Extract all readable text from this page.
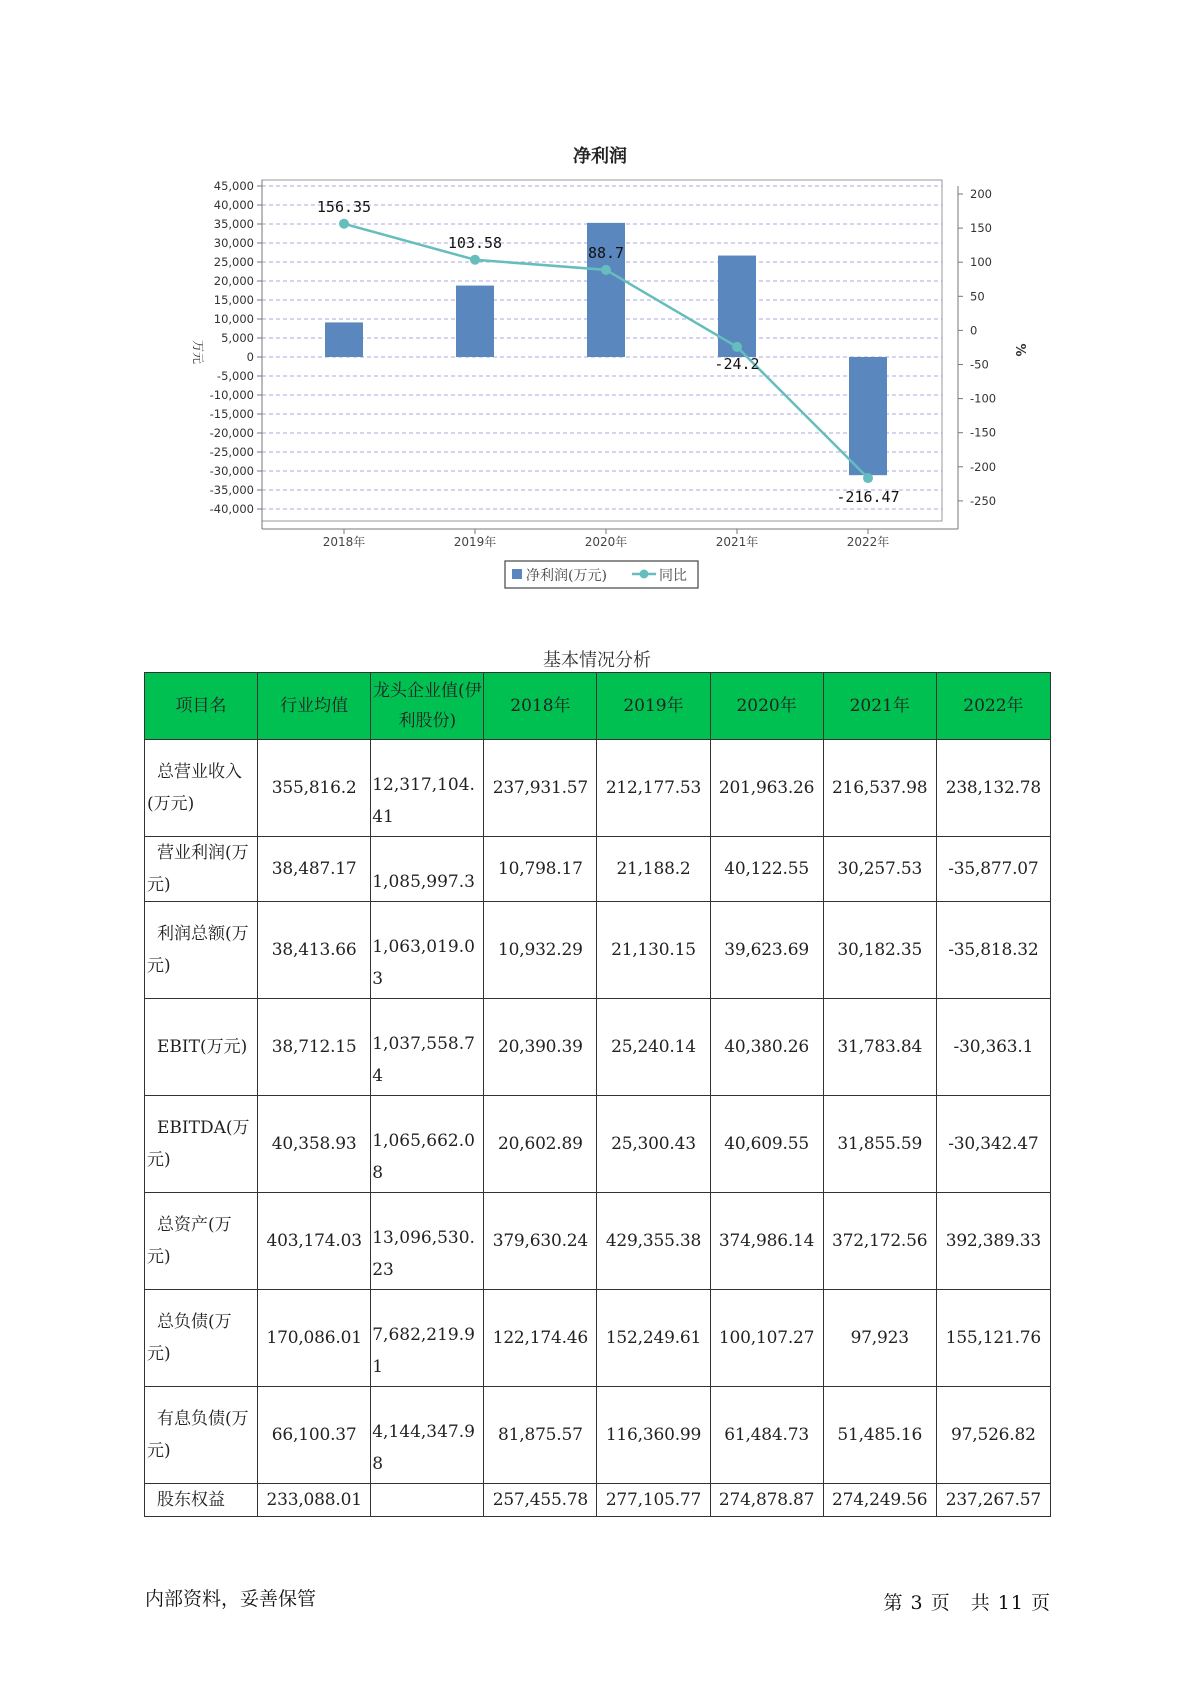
净利润
45,000
40,000
35,000
30,000
25,000
20,000
15,000
10,000
5,000
0
-5,000
-10,000
-15,000
-20,000
-25,000
-30,000
-35,000
-40,000
200
150
100
50
0
-50
-100
-150
-200
-250
万元	%
2018年	2019年	2020年	2021年	2022年
156.35
103.58
88.7
-24.2
-216.47
净利润(万元)	同比
基本情况分析
项目名	行业均值	龙头企业值(伊利股份)	2018年	2019年	2020年	2021年	2022年
总营业收入(万元)	355,816.2	12,317,104.41	237,931.57	212,177.53	201,963.26	216,537.98	238,132.78
营业利润(万元)	38,487.17	1,085,997.3	10,798.17	21,188.2	40,122.55	30,257.53	-35,877.07
利润总额(万元)	38,413.66	1,063,019.03	10,932.29	21,130.15	39,623.69	30,182.35	-35,818.32
EBIT(万元)	38,712.15	1,037,558.74	20,390.39	25,240.14	40,380.26	31,783.84	-30,363.1
EBITDA(万元)	40,358.93	1,065,662.08	20,602.89	25,300.43	40,609.55	31,855.59	-30,342.47
总资产(万元)	403,174.03	13,096,530.23	379,630.24	429,355.38	374,986.14	372,172.56	392,389.33
总负债(万元)	170,086.01	7,682,219.91	122,174.46	152,249.61	100,107.27	97,923	155,121.76
有息负债(万元)	66,100.37	4,144,347.98	81,875.57	116,360.99	61,484.73	51,485.16	97,526.82
股东权益	233,088.01		257,455.78	277,105.77	274,878.87	274,249.56	237,267.57
内部资料，妥善保管	第 3 页　共 11 页
